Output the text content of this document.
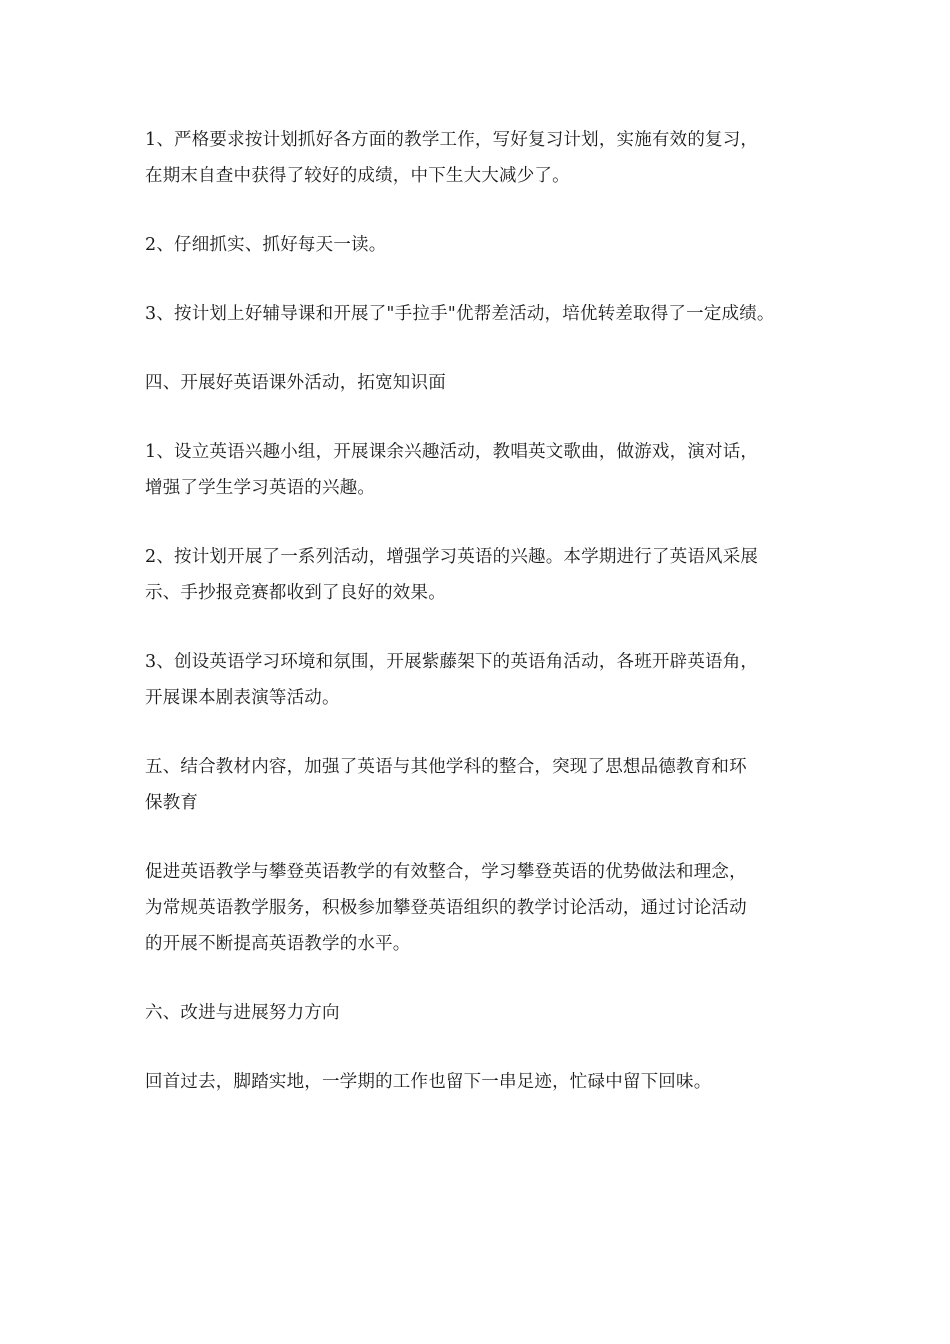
1、严格要求按计划抓好各方面的教学工作，写好复习计划，实施有效的复习，
在期末自查中获得了较好的成绩，中下生大大减少了。

2、仔细抓实、抓好每天一读。

3、按计划上好辅导课和开展了"手拉手"优帮差活动，培优转差取得了一定成绩。

四、开展好英语课外活动，拓宽知识面

1、设立英语兴趣小组，开展课余兴趣活动，教唱英文歌曲，做游戏，演对话，
增强了学生学习英语的兴趣。

2、按计划开展了一系列活动，增强学习英语的兴趣。本学期进行了英语风采展
示、手抄报竞赛都收到了良好的效果。

3、创设英语学习环境和氛围，开展紫藤架下的英语角活动，各班开辟英语角，
开展课本剧表演等活动。

五、结合教材内容，加强了英语与其他学科的整合，突现了思想品德教育和环
保教育

促进英语教学与攀登英语教学的有效整合，学习攀登英语的优势做法和理念，
为常规英语教学服务，积极参加攀登英语组织的教学讨论活动，通过讨论活动
的开展不断提高英语教学的水平。

六、改进与进展努力方向

回首过去，脚踏实地，一学期的工作也留下一串足迹，忙碌中留下回味。
